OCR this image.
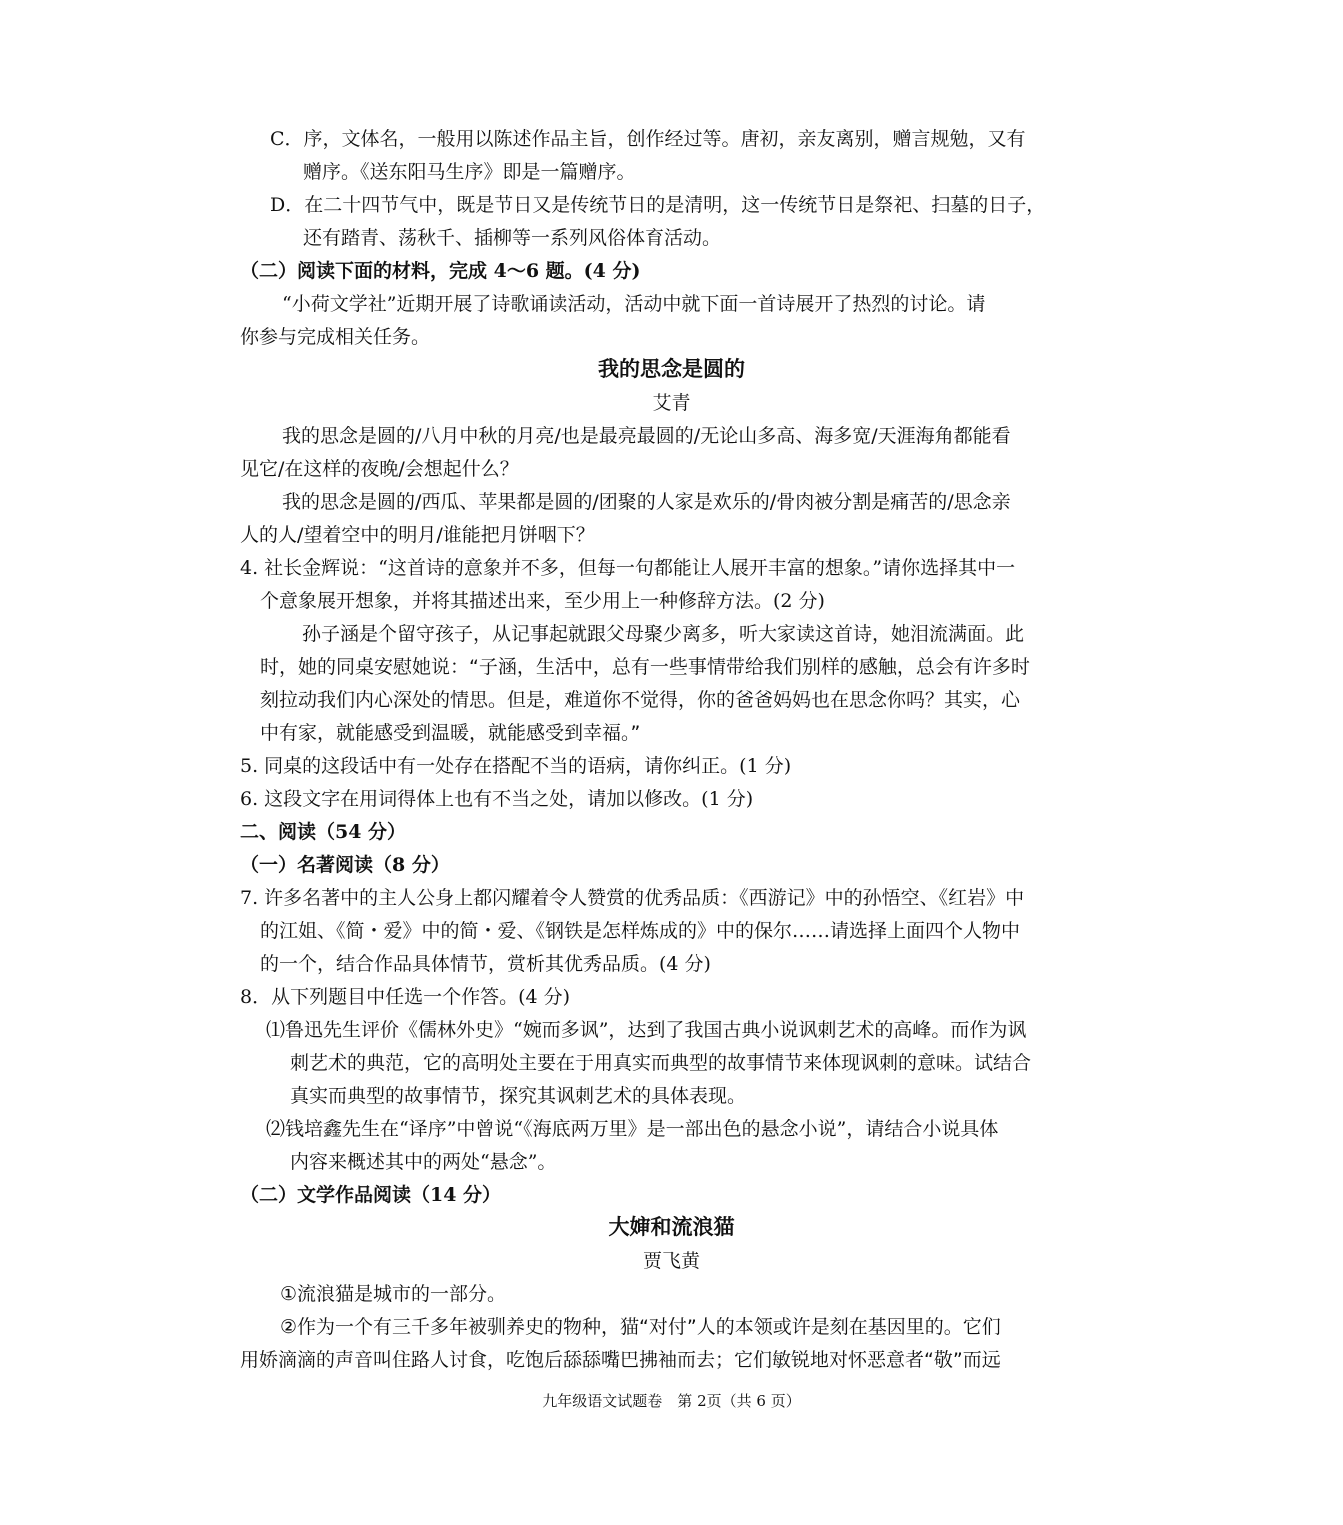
C．序，文体名，一般用以陈述作品主旨，创作经过等。唐初，亲友离别，赠言规勉，又有
赠序。《送东阳马生序》即是一篇赠序。
D．在二十四节气中，既是节日又是传统节日的是清明，这一传统节日是祭祀、扫墓的日子，
还有踏青、荡秋千、插柳等一系列风俗体育活动。
（二）阅读下面的材料，完成 4～6 题。(4 分)
“小荷文学社”近期开展了诗歌诵读活动，活动中就下面一首诗展开了热烈的讨论。请
你参与完成相关任务。
我的思念是圆的
艾青
我的思念是圆的/八月中秋的月亮/也是最亮最圆的/无论山多高、海多宽/天涯海角都能看
见它/在这样的夜晚/会想起什么？
我的思念是圆的/西瓜、苹果都是圆的/团聚的人家是欢乐的/骨肉被分割是痛苦的/思念亲
人的人/望着空中的明月/谁能把月饼咽下？
4. 社长金辉说：“这首诗的意象并不多，但每一句都能让人展开丰富的想象。”请你选择其中一
个意象展开想象，并将其描述出来，至少用上一种修辞方法。(2 分)
孙子涵是个留守孩子，从记事起就跟父母聚少离多，听大家读这首诗，她泪流满面。此
时，她的同桌安慰她说：“子涵，生活中，总有一些事情带给我们别样的感触，总会有许多时
刻拉动我们内心深处的情思。但是，难道你不觉得，你的爸爸妈妈也在思念你吗？其实，心
中有家，就能感受到温暖，就能感受到幸福。”
5. 同桌的这段话中有一处存在搭配不当的语病，请你纠正。(1 分)
6. 这段文字在用词得体上也有不当之处，请加以修改。(1 分)
二、阅读（54 分）
（一）名著阅读（8 分）
7. 许多名著中的主人公身上都闪耀着令人赞赏的优秀品质：《西游记》中的孙悟空、《红岩》中
的江姐、《简・爱》中的简・爱、《钢铁是怎样炼成的》中的保尔……请选择上面四个人物中
的一个，结合作品具体情节，赏析其优秀品质。(4 分)
8．从下列题目中任选一个作答。(4 分)
⑴鲁迅先生评价《儒林外史》“婉而多讽”，达到了我国古典小说讽刺艺术的高峰。而作为讽
刺艺术的典范，它的高明处主要在于用真实而典型的故事情节来体现讽刺的意味。试结合
真实而典型的故事情节，探究其讽刺艺术的具体表现。
⑵钱培鑫先生在“译序”中曾说“《海底两万里》是一部出色的悬念小说”，请结合小说具体
内容来概述其中的两处“悬念”。
（二）文学作品阅读（14 分）
大婶和流浪猫
贾飞黄
①流浪猫是城市的一部分。
②作为一个有三千多年被驯养史的物种，猫“对付”人的本领或许是刻在基因里的。它们
用娇滴滴的声音叫住路人讨食，吃饱后舔舔嘴巴拂袖而去；它们敏锐地对怀恶意者“敬”而远
九年级语文试题卷　第 2页（共 6 页）
